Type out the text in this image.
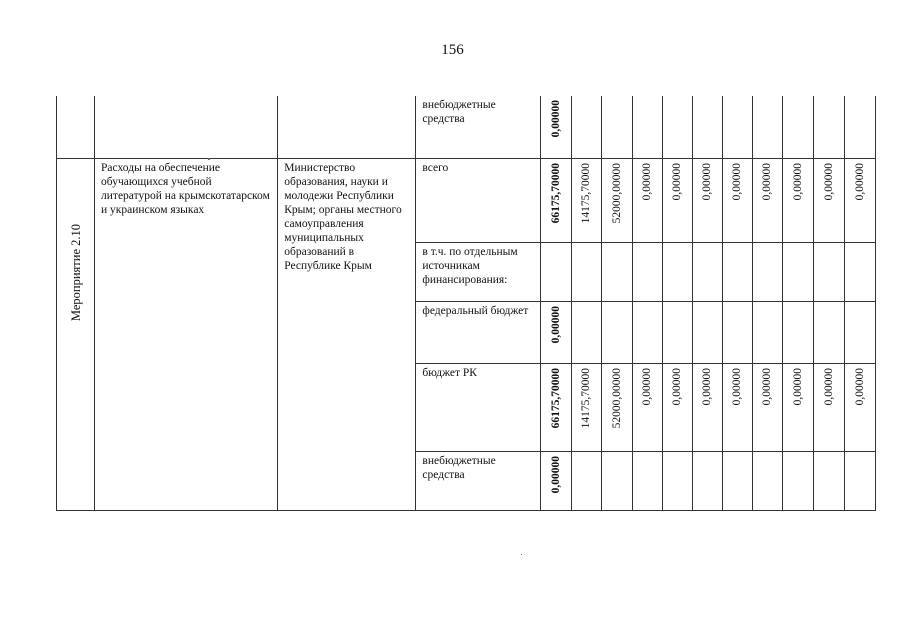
156

			внебюджетные средства	0,00000										

Мероприятие 2.10	Расходы на обеспечение обучающихся учебной литературой на крымскотатарском и украинском языках	Министерство образования, науки и молодежи Республики Крым; органы местного самоуправления муниципальных образований в Республике Крым	всего	66175,70000	14175,70000	52000,00000	0,00000	0,00000	0,00000	0,00000	0,00000	0,00000	0,00000	0,00000

			в т.ч. по отдельным источникам финансирования:											

			федеральный бюджет	0,00000										

			бюджет РК	66175,70000	14175,70000	52000,00000	0,00000	0,00000	0,00000	0,00000	0,00000	0,00000	0,00000	0,00000

			внебюджетные средства	0,00000										
